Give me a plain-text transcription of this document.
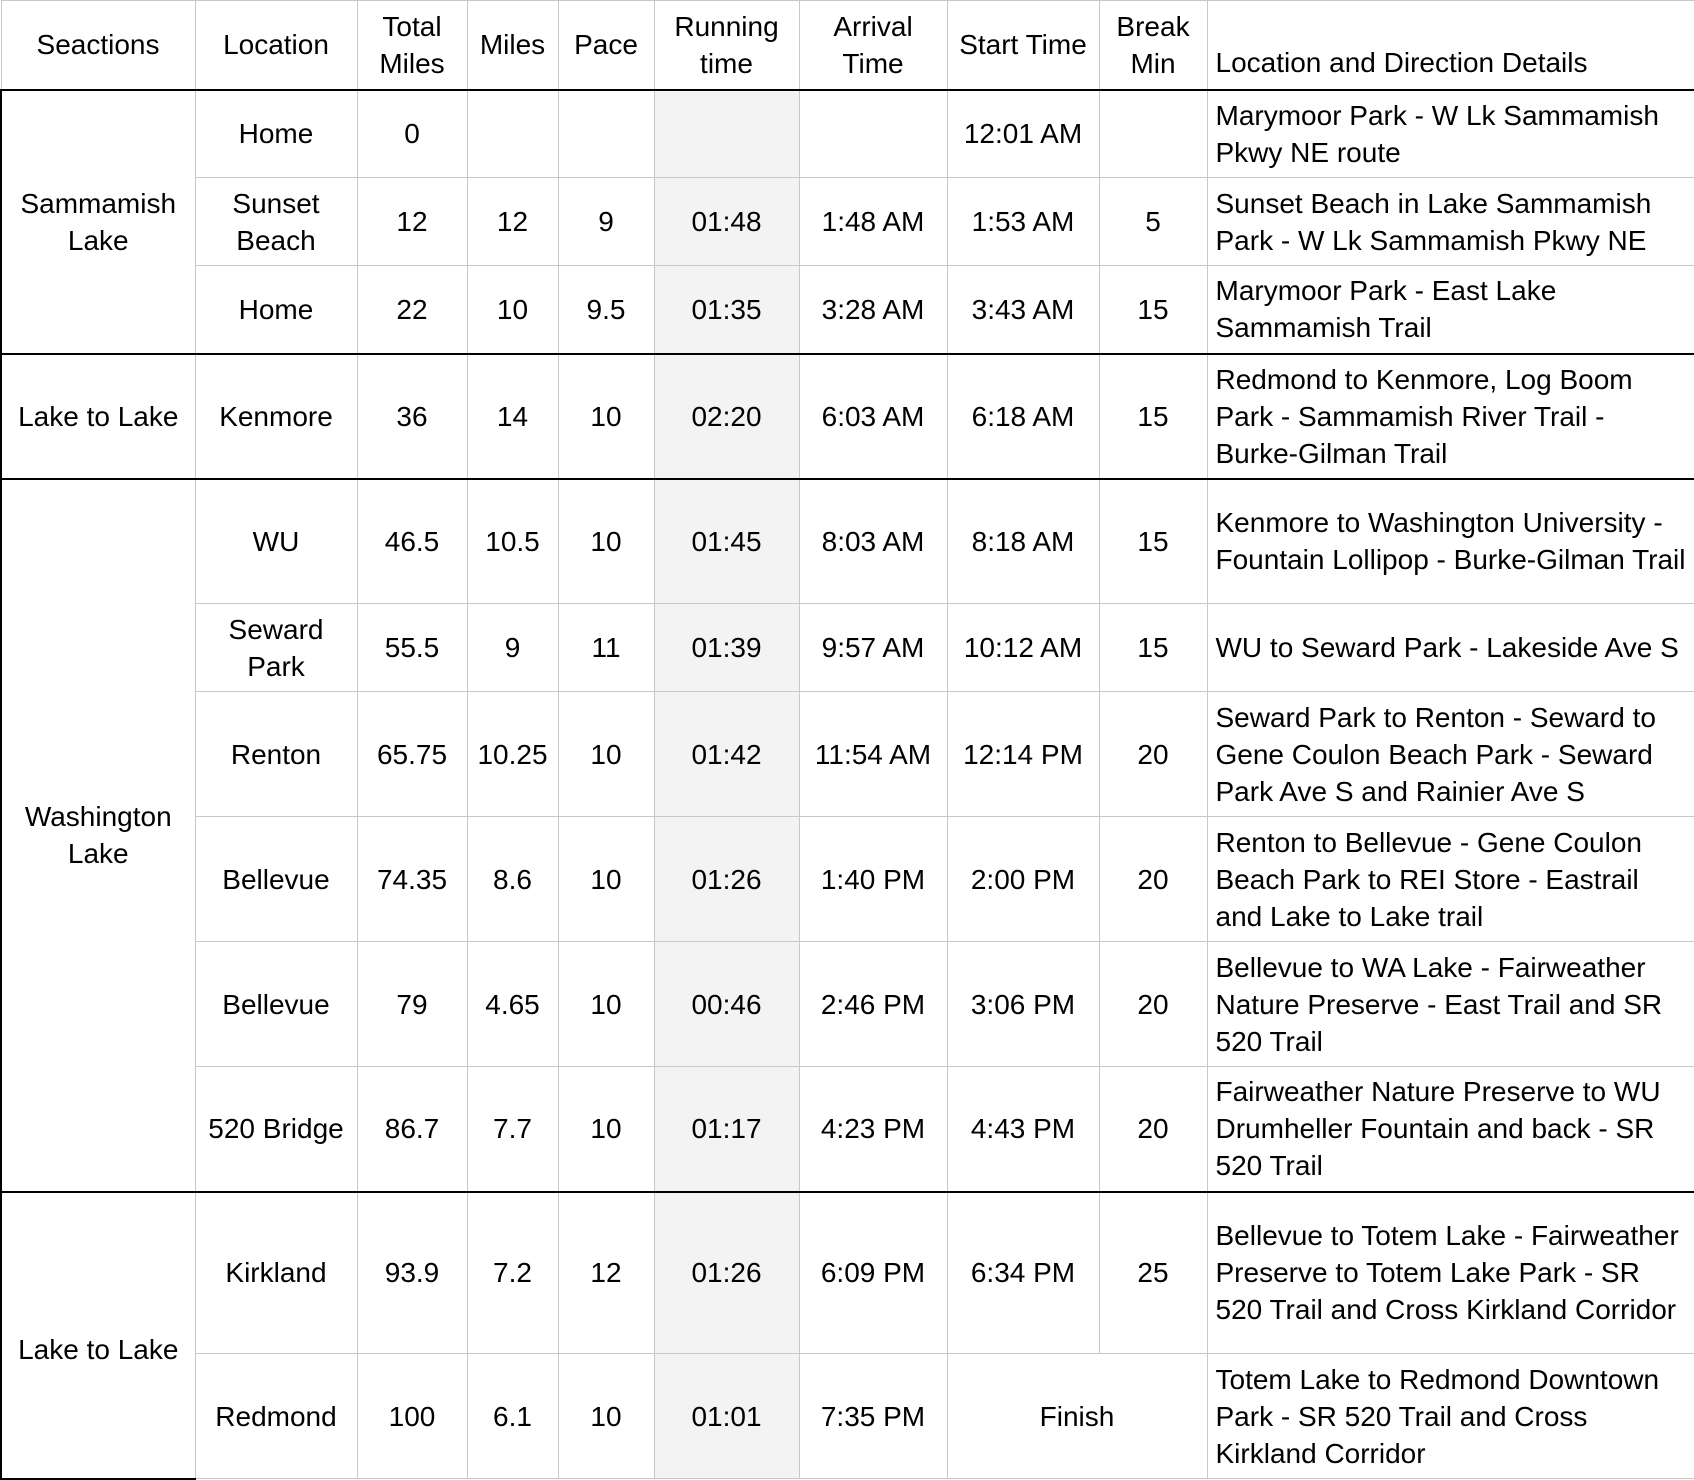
Seactions	Location	Total Miles	Miles	Pace	Running time	Arrival Time	Start Time	Break Min	Location and Direction Details
Sammamish Lake	Home	0					12:01 AM		Marymoor Park - W Lk Sammamish Pkwy NE route
	Sunset Beach	12	12	9	01:48	1:48 AM	1:53 AM	5	Sunset Beach in Lake Sammamish Park - W Lk Sammamish Pkwy NE
	Home	22	10	9.5	01:35	3:28 AM	3:43 AM	15	Marymoor Park - East Lake Sammamish Trail
Lake to Lake	Kenmore	36	14	10	02:20	6:03 AM	6:18 AM	15	Redmond to Kenmore, Log Boom Park - Sammamish River Trail - Burke-Gilman Trail
Washington Lake	WU	46.5	10.5	10	01:45	8:03 AM	8:18 AM	15	Kenmore to Washington University - Fountain Lollipop - Burke-Gilman Trail
	Seward Park	55.5	9	11	01:39	9:57 AM	10:12 AM	15	WU to Seward Park - Lakeside Ave S
	Renton	65.75	10.25	10	01:42	11:54 AM	12:14 PM	20	Seward Park to Renton - Seward to Gene Coulon Beach Park - Seward Park Ave S and Rainier Ave S
	Bellevue	74.35	8.6	10	01:26	1:40 PM	2:00 PM	20	Renton to Bellevue - Gene Coulon Beach Park to REI Store - Eastrail and Lake to Lake trail
	Bellevue	79	4.65	10	00:46	2:46 PM	3:06 PM	20	Bellevue to WA Lake - Fairweather Nature Preserve - East Trail and SR 520 Trail
	520 Bridge	86.7	7.7	10	01:17	4:23 PM	4:43 PM	20	Fairweather Nature Preserve to WU Drumheller Fountain and back - SR 520 Trail
Lake to Lake	Kirkland	93.9	7.2	12	01:26	6:09 PM	6:34 PM	25	Bellevue to Totem Lake - Fairweather Preserve to Totem Lake Park - SR 520 Trail and Cross Kirkland Corridor
	Redmond	100	6.1	10	01:01	7:35 PM	Finish		Totem Lake to Redmond Downtown Park - SR 520 Trail and Cross Kirkland Corridor
